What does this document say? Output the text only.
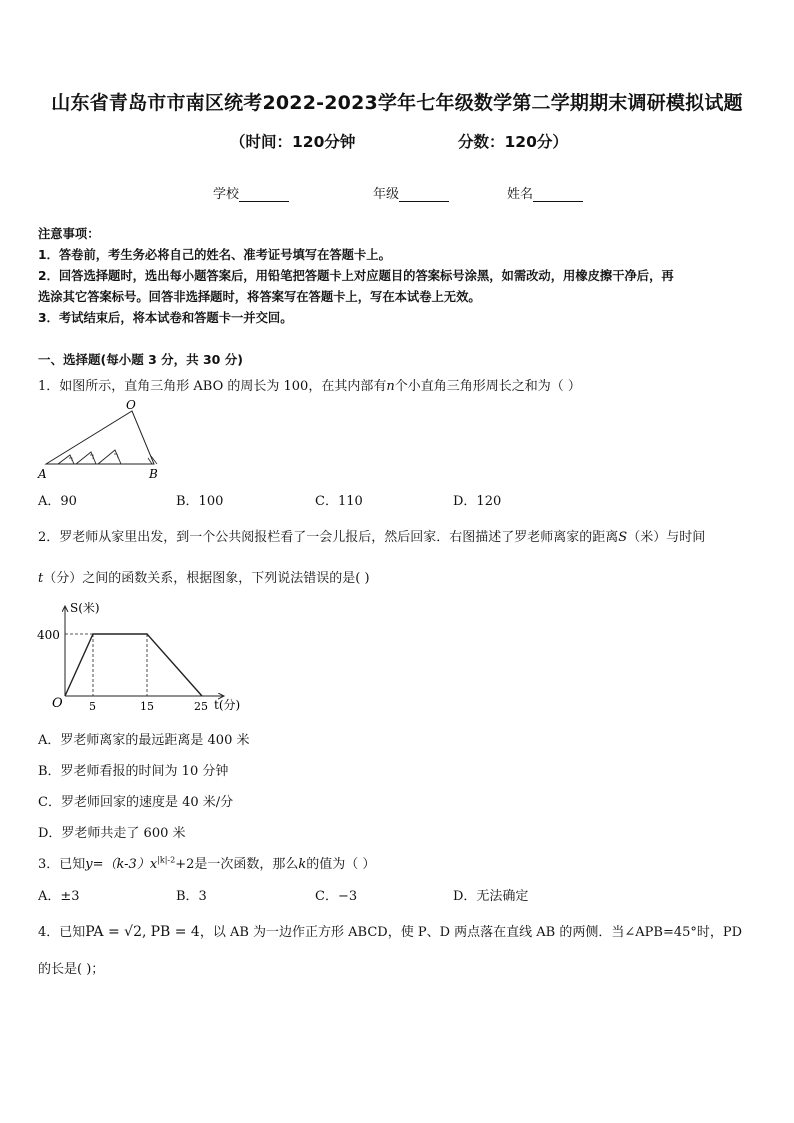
山东省青岛市市南区统考2022-2023学年七年级数学第二学期期末调研模拟试题
（时间：120分钟	分数：120分）
学校	年级	姓名
注意事项：
1．答卷前，考生务必将自己的姓名、准考证号填写在答题卡上。
2．回答选择题时，选出每小题答案后，用铅笔把答题卡上对应题目的答案标号涂黑，如需改动，用橡皮擦干净后，再
选涂其它答案标号。回答非选择题时，将答案写在答题卡上，写在本试卷上无效。
3．考试结束后，将本试卷和答题卡一并交回。
一、选择题(每小题 3 分，共 30 分)
1．如图所示，直角三角形 ABO 的周长为 100，在其内部有n个小直角三角形周长之和为（ ）
A	B
O
A．90	B．100	C．110	D．120
2．罗老师从家里出发，到一个公共阅报栏看了一会儿报后，然后回家．右图描述了罗老师离家的距离S（米）与时间
t（分）之间的函数关系，根据图象，下列说法错误的是( )
S(米)
400
O 5	15	25 t(分)
A．罗老师离家的最远距离是 400 米
B．罗老师看报的时间为 10 分钟
C．罗老师回家的速度是 40 米/分
D．罗老师共走了 600 米
3．已知$y=(k-3)x^{|k|-2}+2$是一次函数，那么k的值为（ ）
A．±3	B．3	C．−3	D．无法确定
4．已知PA = √2, PB = 4，以 AB 为一边作正方形 ABCD，使 P、D 两点落在直线 AB 的两侧．当∠APB=45°时，PD
的长是( )；
